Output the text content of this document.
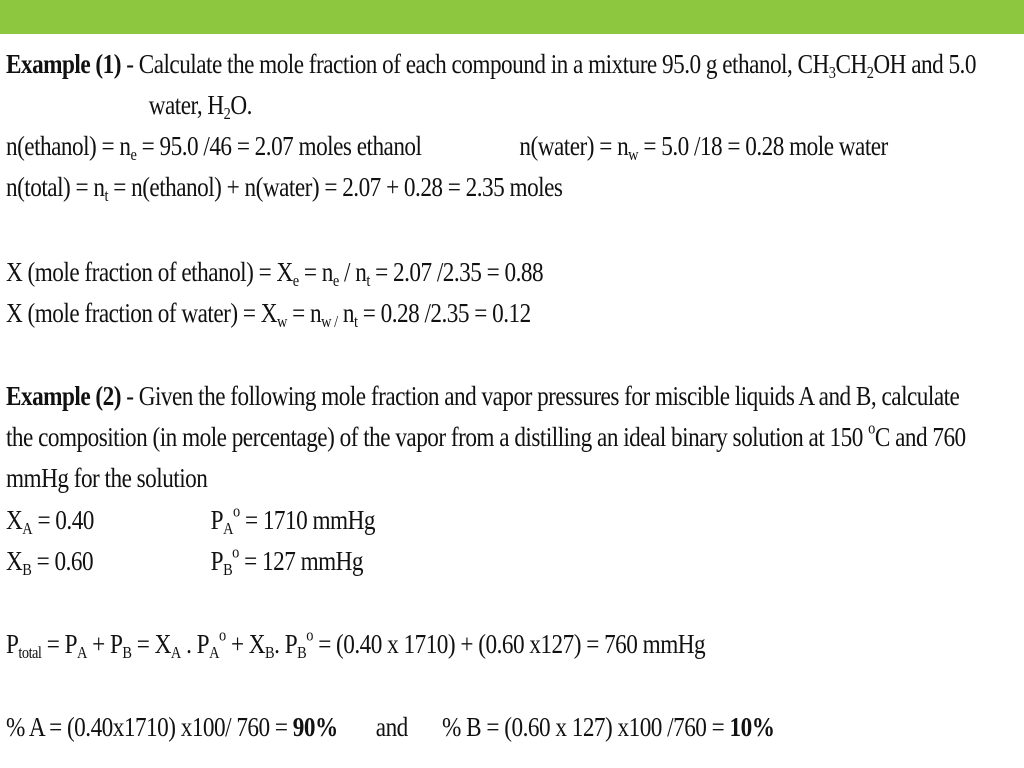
Example (1) - Calculate the mole fraction of each compound in a mixture 95.0 g ethanol, $CH_3CH_2OH$ and 5.0
water, $H_2O$.
n(ethanol) = $n_e = 95.0$ /46 = 2.07 moles ethanol	n(water) = $n_w = 5.0$ /18 = 0.28 mole water
n(total) = $n_t$ = n(ethanol) + n(water) = 2.07 + 0.28 = 2.35 moles
X (mole fraction of ethanol) = $X_e = n_e / n_t = 2.07$ /2.35 = 0.88
X (mole fraction of water) = $X_w = n_{w /}$ $n_t = 0.28$ /2.35 = 0.12
Example (2) - Given the following mole fraction and vapor pressures for miscible liquids A and B, calculate
the composition (in mole percentage) of the vapor from a distilling an ideal binary solution at 150 $^o$C and 760
mmHg for the solution
$X_A = 0.40$	$P_A^o = 1710$ mmHg
$X_B = 0.60$	$P_B^o = 127$ mmHg
$P_{total} = P_A + P_B = X_A$ . $P_A^o + X_B$. $P_B^o = (0.40$ x 1710) + (0.60 x127) = 760 mmHg
% A = (0.40x1710) x100/ 760 = 90% and % B = (0.60 x 127) x100 /760 = 10%
